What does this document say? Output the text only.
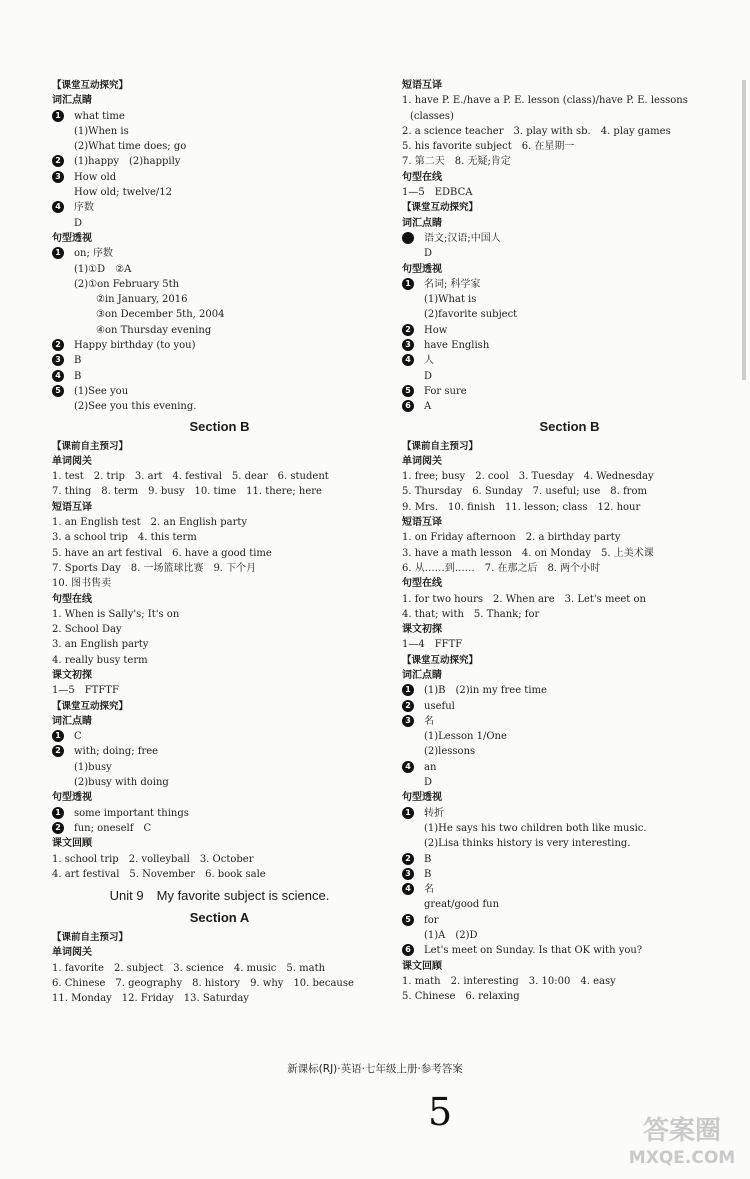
【课堂互动探究】
词汇点睛
1	what time
(1)When is
(2)What time does; go
2	(1)happy　(2)happily
3	How old
How old; twelve/12
4	序数
D
句型透视
1	on; 序数
(1)①D　②A
(2)①on February 5th
②in January, 2016
③on December 5th, 2004
④on Thursday evening
2	Happy birthday (to you)
3	B
4	B
5	(1)See you
(2)See you this evening.
Section B
【课前自主预习】
单词阅关
1. test　2. trip　3. art　4. festival　5. dear　6. student
7. thing　8. term　9. busy　10. time　11. there; here
短语互译
1. an English test　2. an English party
3. a school trip　4. this term
5. have an art festival　6. have a good time
7. Sports Day　8. 一场篮球比赛　9. 下个月
10. 图书售卖
句型在线
1. When is Sally's; It's on
2. School Day
3. an English party
4. really busy term
课文初探
1—5　FTFTF
【课堂互动探究】
词汇点睛
1	C
2	with; doing; free
(1)busy
(2)busy with doing
句型透视
1	some important things
2	fun; oneself　C
课文回顾
1. school trip　2. volleyball　3. October
4. art festival　5. November　6. book sale
Unit 9　My favorite subject is science.
Section A
【课前自主预习】
单词阅关
1. favorite　2. subject　3. science　4. music　5. math
6. Chinese　7. geography　8. history　9. why　10. because
11. Monday　12. Friday　13. Saturday
短语互译
1. have P. E./have a P. E. lesson (class)/have P. E. lessons
(classes)
2. a science teacher　3. play with sb.　4. play games
5. his favorite subject　6. 在星期一
7. 第二天　8. 无疑;肯定
句型在线
1—5　EDBCA
【课堂互动探究】
词汇点睛
语文;汉语;中国人
D
句型透视
1	名词; 科学家
(1)What is
(2)favorite subject
2	How
3	have English
4	人
D
5	For sure
6	A
Section B
【课前自主预习】
单词阅关
1. free; busy　2. cool　3. Tuesday　4. Wednesday
5. Thursday　6. Sunday　7. useful; use　8. from
9. Mrs.　10. finish　11. lesson; class　12. hour
短语互译
1. on Friday afternoon　2. a birthday party
3. have a math lesson　4. on Monday　5. 上美术课
6. 从……到……　7. 在那之后　8. 两个小时
句型在线
1. for two hours　2. When are　3. Let's meet on
4. that; with　5. Thank; for
课文初探
1—4　FFTF
【课堂互动探究】
词汇点睛
1	(1)B　(2)in my free time
2	useful
3	名
(1)Lesson 1/One
(2)lessons
4	an
D
句型透视
1	转折
(1)He says his two children both like music.
(2)Lisa thinks history is very interesting.
2	B
3	B
4	名
great/good fun
5	for
(1)A　(2)D
6	Let's meet on Sunday. Is that OK with you?
课文回顾
1. math　2. interesting　3. 10:00　4. easy
5. Chinese　6. relaxing
新课标(RJ)·英语·七年级上册·参考答案
5	答案圈
MXQE.COM
